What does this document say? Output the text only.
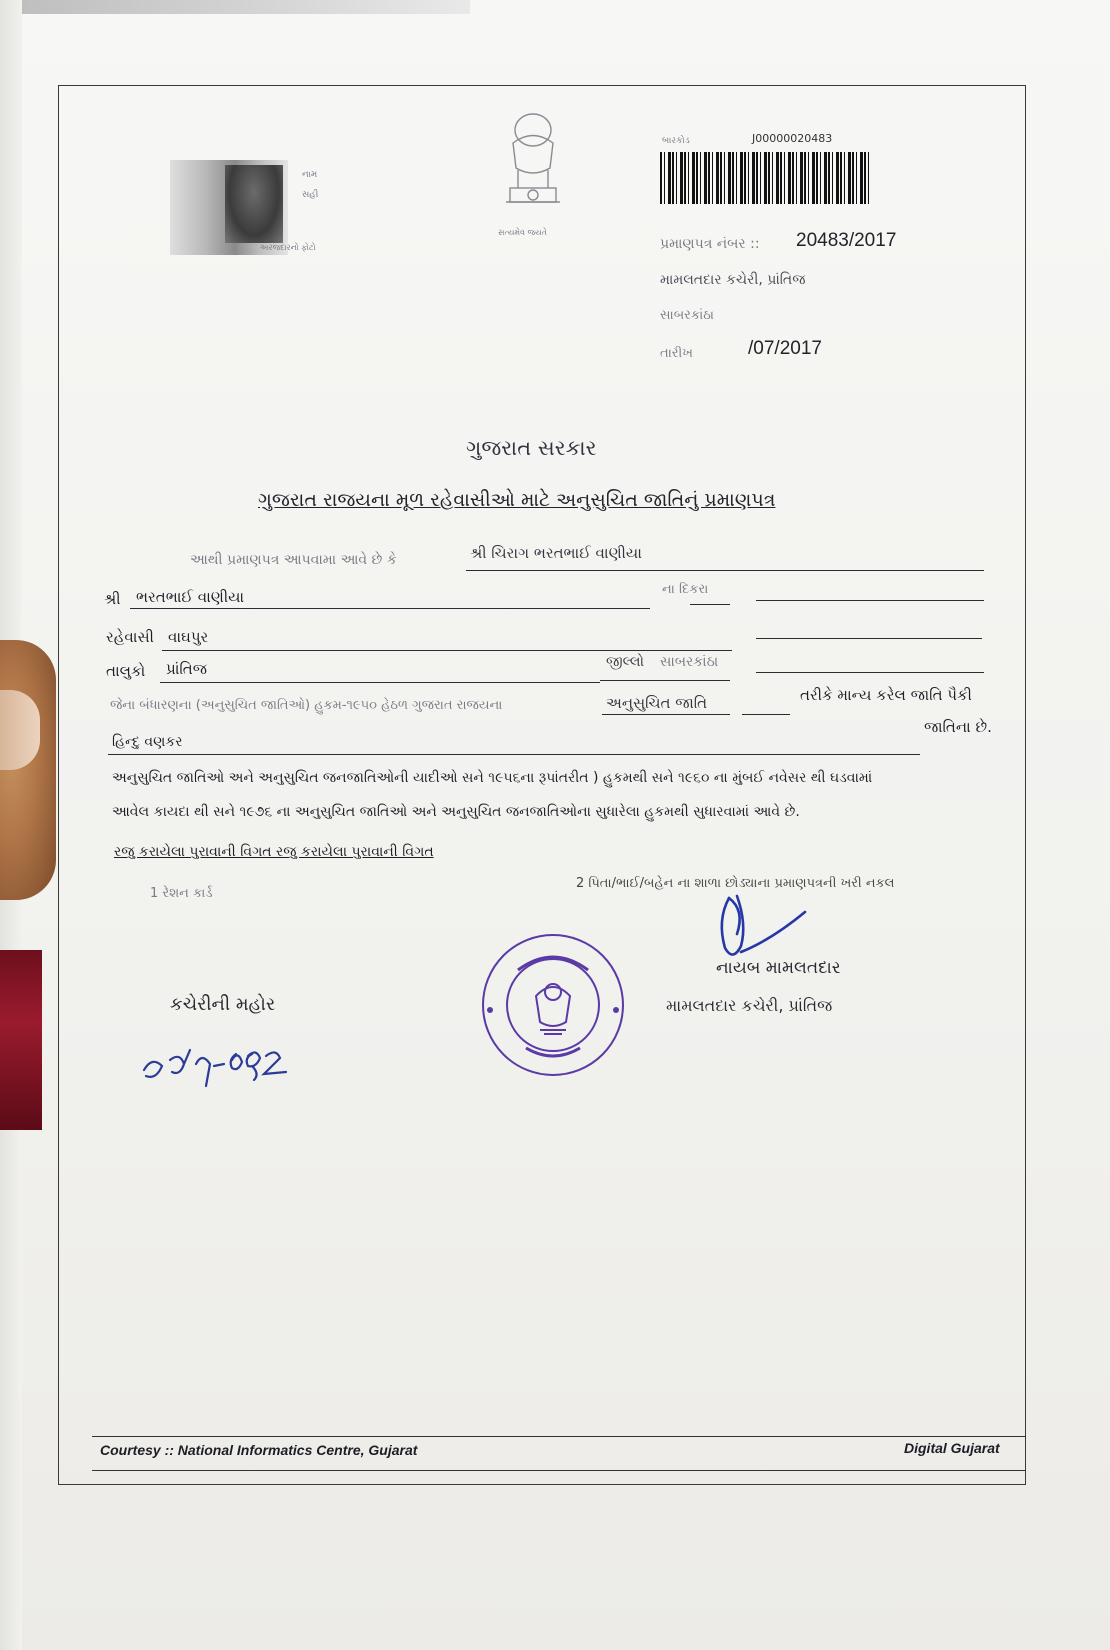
નામ
સહી
અરજદારનો ફોટો
સત્યમેવ જયતે
બારકોડ	J00000020483
પ્રમાણપત્ર નંબર :: 20483/2017
મામલતદાર કચેરી, પ્રાંતિજ
સાબરકાંઠા
તારીખ	/07/2017
ગુજરાત સરકાર
ગુજરાત રાજયના મૂળ રહેવાસીઓ માટે અનુસુચિત જાતિનું પ્રમાણપત્ર
આથી પ્રમાણપત્ર આપવામા આવે છે કે	શ્રી ચિરાગ ભરતભાઈ વાણીયા
શ્રી ભરતભાઈ વાણીયા	ના દિકરા
રહેવાસી વાઘપુર
તાલુકો પ્રાંતિજ	જીલ્લો સાબરકાંઠા
જેના બંધારણના (અનુસુચિત જાતિઓ) હુકમ-૧૯૫૦ હેઠળ ગુજરાત રાજયના	અનુસુચિત જાતિ	તરીકે માન્ય કરેલ જાતિ પૈકી
જાતિના છે.
હિન્દુ વણકર
અનુસુચિત જાતિઓ અને અનુસુચિત જનજાતિઓની યાદીઓ સને ૧૯૫૬ના રૂપાંતરીત ) હુકમથી સને ૧૯૬૦ ના મુંબઈ નવેસર થી ઘડવામાં
આવેલ કાયદા થી સને ૧૯૭૬ ના અનુસુચિત જાતિઓ અને અનુસુચિત જનજાતિઓના સુધારેલા હુકમથી સુધારવામાં આવે છે.
રજુ કરાયેલા પુરાવાની વિગત રજુ કરાયેલા પુરાવાની વિગત
1 રેશન કાર્ડ
2 પિતા/ભાઈ/બહેન ના શાળા છોડ્યાના પ્રમાણપત્રની ખરી નકલ
કચેરીની મહોર
નાયબ મામલતદાર
મામલતદાર કચેરી, પ્રાંતિજ
Courtesy :: National Informatics Centre, Gujarat	Digital Gujarat
